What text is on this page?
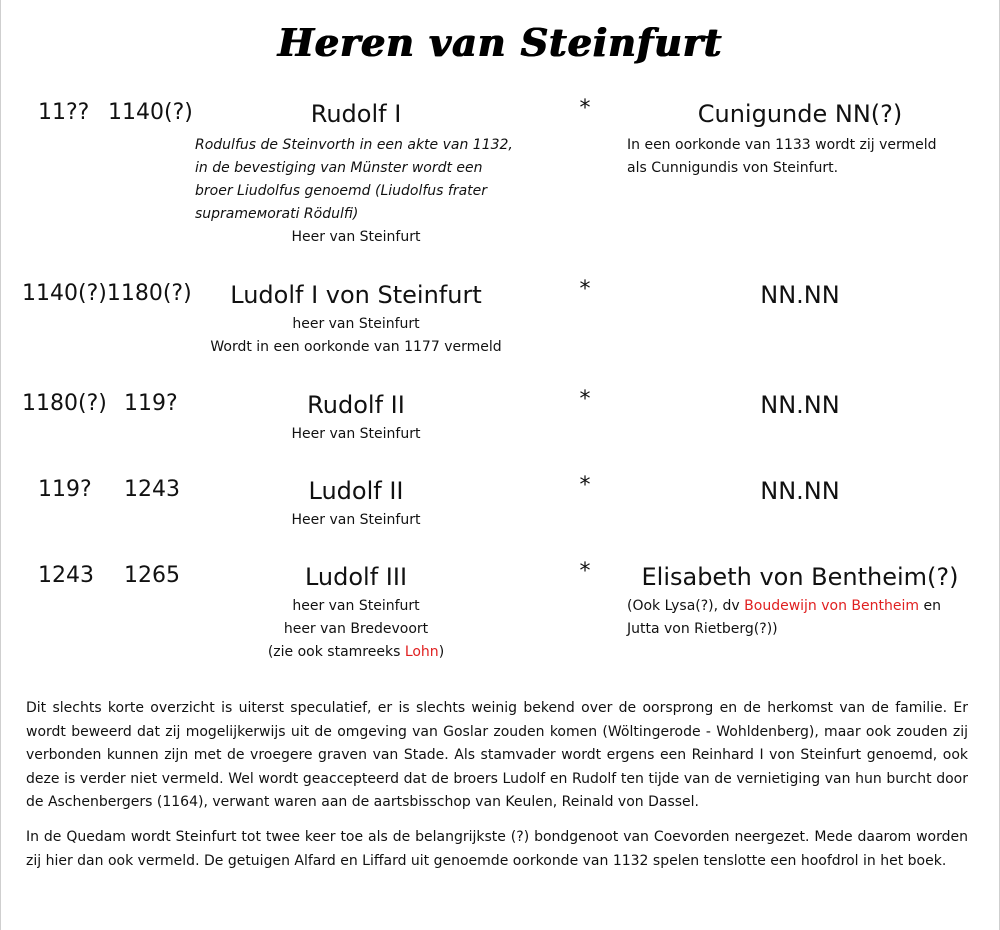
Heren van Steinfurt
11?? 1140(?)	Rudolf I	*	Cunigunde NN(?)
Rodulfus de Steinvorth in een akte van 1132,
in de bevestiging van Münster wordt een
broer Liudolfus genoemd (Liudolfus frater
suprameмorati Rödulfi)
Heer van Steinfurt
In een oorkonde van 1133 wordt zij vermeld
als Cunnigundis von Steinfurt.
1140(?)1180(?)	Ludolf I von Steinfurt	*	NN.NN
heer van Steinfurt
Wordt in een oorkonde van 1177 vermeld
1180(?) 119?	Rudolf II	*	NN.NN
Heer van Steinfurt
119? 1243	Ludolf II	*	NN.NN
Heer van Steinfurt
1243 1265	Ludolf III	*	Elisabeth von Bentheim(?)
heer van Steinfurt
heer van Bredevoort
(zie ook stamreeks Lohn)
(Ook Lysa(?), dv Boudewijn von Bentheim en
Jutta von Rietberg(?))
Dit slechts korte overzicht is uiterst speculatief, er is slechts weinig bekend over de oorsprong en de herkomst van de familie. Er wordt beweerd dat zij mogelijkerwijs uit de omgeving van Goslar zouden komen (Wöltingerode - Wohldenberg), maar ook zouden zij verbonden kunnen zijn met de vroegere graven van Stade. Als stamvader wordt ergens een Reinhard I von Steinfurt genoemd, ook deze is verder niet vermeld. Wel wordt geaccepteerd dat de broers Ludolf en Rudolf ten tijde van de vernietiging van hun burcht door de Aschenbergers (1164), verwant waren aan de aartsbisschop van Keulen, Reinald von Dassel.
In de Quedam wordt Steinfurt tot twee keer toe als de belangrijkste (?) bondgenoot van Coevorden neergezet. Mede daarom worden zij hier dan ook vermeld. De getuigen Alfard en Liffard uit genoemde oorkonde van 1132 spelen tenslotte een hoofdrol in het boek.
